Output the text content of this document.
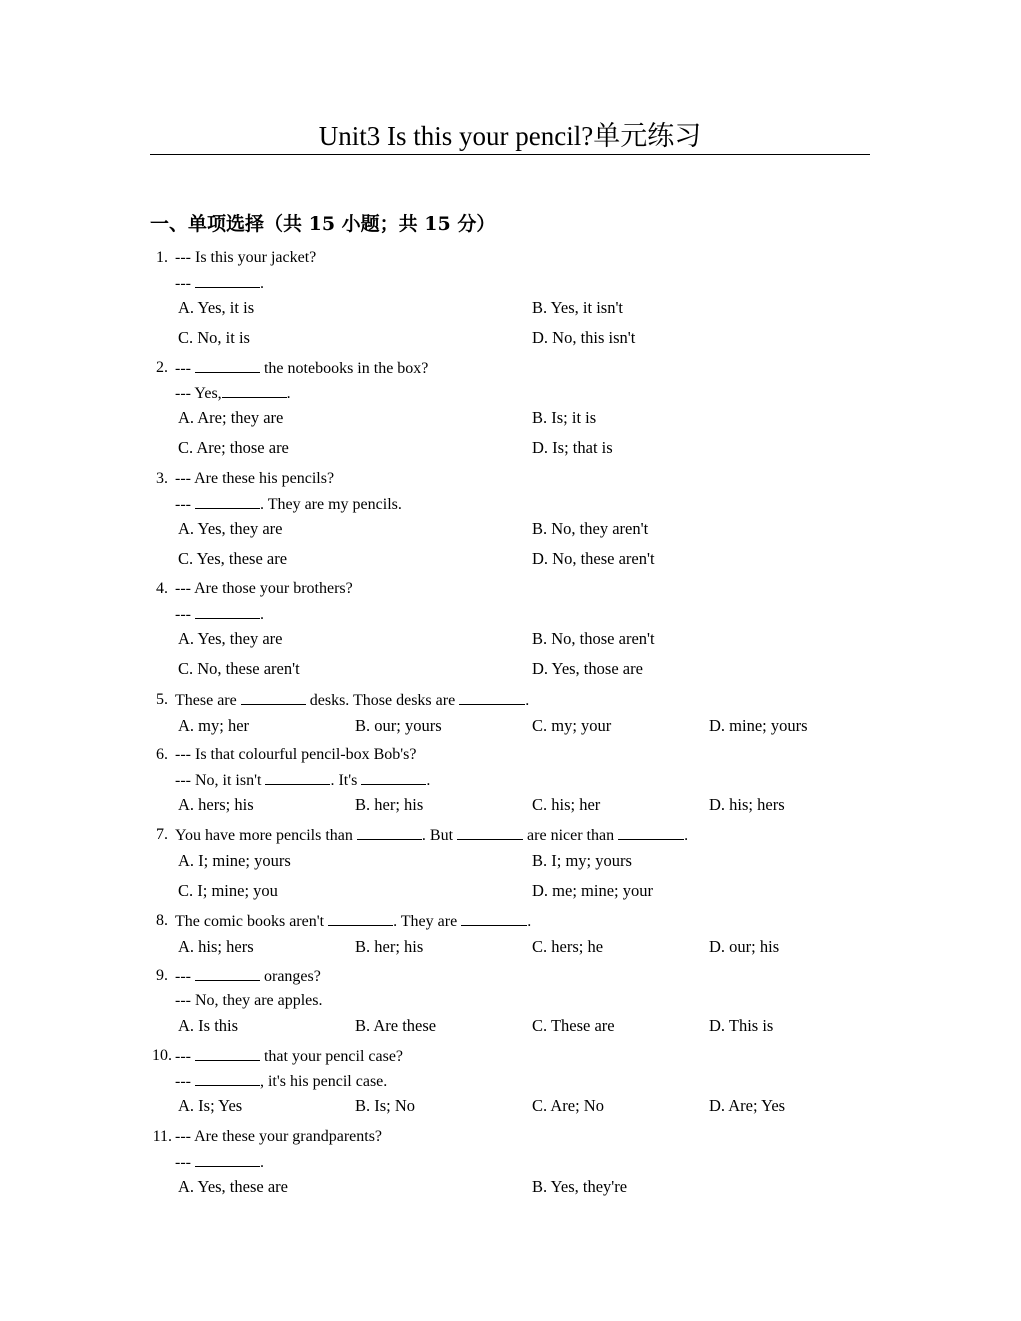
Unit3 Is this your pencil?单元练习
一、单项选择（共 15 小题；共 15 分）
1. --- Is this your jacket?
---	.
A. Yes, it is	B. Yes, it isn't
C. No, it is	D. No, this isn't
2. ---	the notebooks in the box?
--- Yes,	.
A. Are; they are	B. Is; it is
C. Are; those are	D. Is; that is
3. --- Are these his pencils?
---	. They are my pencils.
A. Yes, they are	B. No, they aren't
C. Yes, these are	D. No, these aren't
4. --- Are those your brothers?
---	.
A. Yes, they are	B. No, those aren't
C. No, these aren't	D. Yes, those are
5. These are	desks. Those desks are	.
A. my; her	B. our; yours	C. my; your	D. mine; yours
6. --- Is that colourful pencil-box Bob's?
--- No, it isn't	. It's	.
A. hers; his	B. her; his	C. his; her	D. his; hers
7. You have more pencils than	. But	are nicer than	.
A. I; mine; yours	B. I; my; yours
C. I; mine; you	D. me; mine; your
8. The comic books aren't	. They are	.
A. his; hers	B. her; his	C. hers; he	D. our; his
9. ---	oranges?
--- No, they are apples.
A. Is this	B. Are these	C. These are	D. This is
10. ---	that your pencil case?
---	, it's his pencil case.
A. Is; Yes	B. Is; No	C. Are; No	D. Are; Yes
11. --- Are these your grandparents?
---	.
A. Yes, these are	B. Yes, they're
